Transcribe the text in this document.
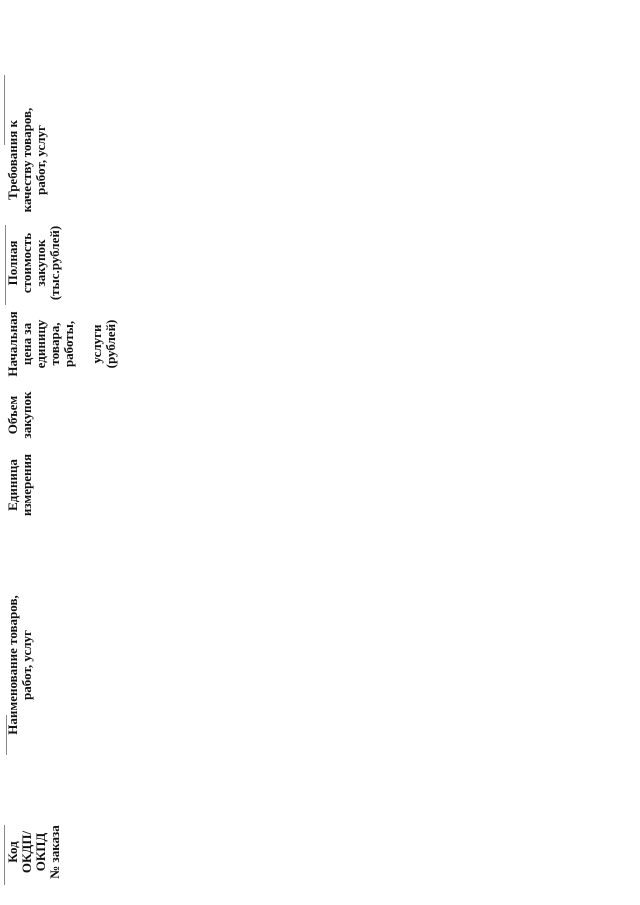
Код
ОКДП/
ОКПД
№ заказа
Наименование товаров,
работ, услуг
Единица
измерения
Объем
закупок
Начальная
цена за
единицу
товара,
работы,

услуги
(рублей)
Полная
стоимость
закупок
(тыс.рублей)
Требования к
качеству товаров,
работ, услуг
